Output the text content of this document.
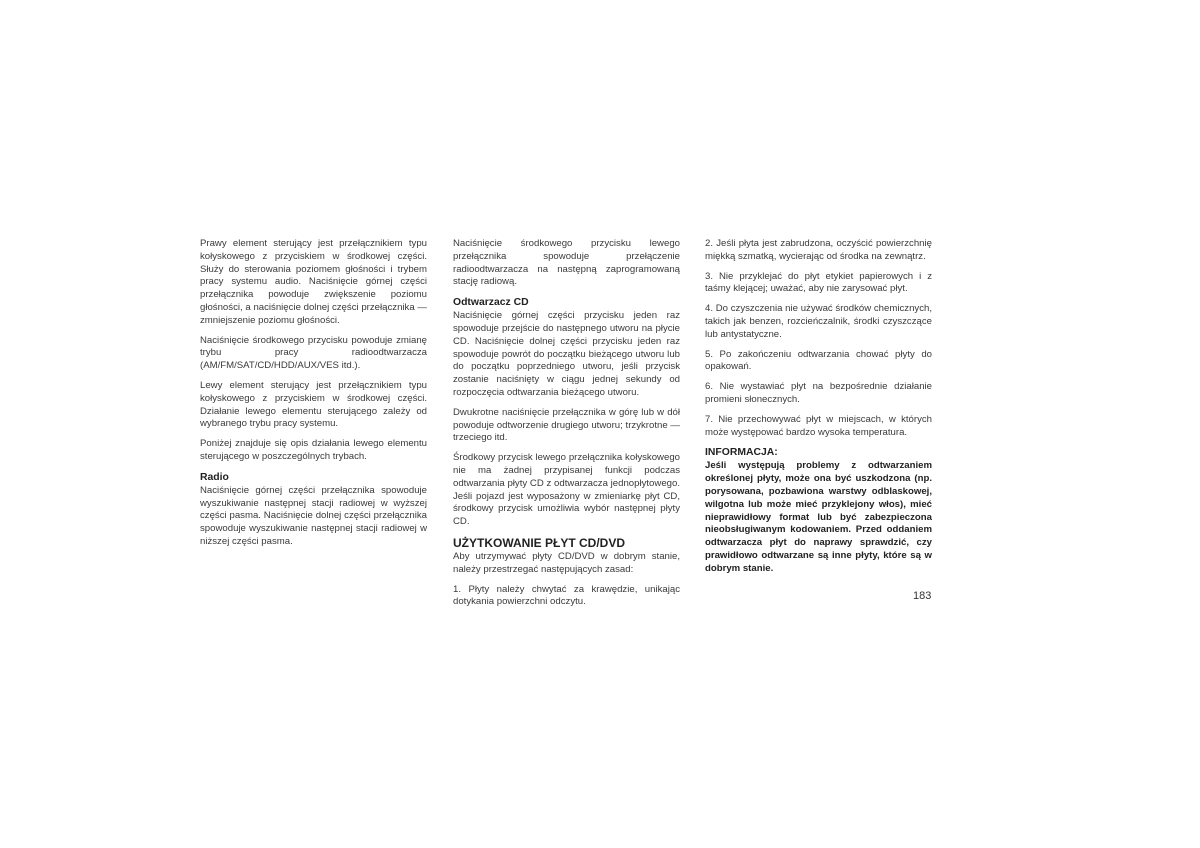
Prawy element sterujący jest przełącznikiem typu kołyskowego z przyciskiem w środkowej części. Służy do sterowania poziomem głośności i trybem pracy systemu audio. Naciśnięcie górnej części przełącznika powoduje zwiększenie poziomu głośności, a naciśnięcie dolnej części przełącznika — zmniejszenie poziomu głośności.

Naciśnięcie środkowego przycisku powoduje zmianę trybu pracy radioodtwarzacza (AM/FM/SAT/CD/HDD/AUX/VES itd.).

Lewy element sterujący jest przełącznikiem typu kołyskowego z przyciskiem w środkowej części. Działanie lewego elementu sterującego zależy od wybranego trybu pracy systemu.

Poniżej znajduje się opis działania lewego elementu sterującego w poszczególnych trybach.

Radio

Naciśnięcie górnej części przełącznika spowoduje wyszukiwanie następnej stacji radiowej w wyższej części pasma. Naciśnięcie dolnej części przełącznika spowoduje wyszukiwanie następnej stacji radiowej w niższej części pasma.

Naciśnięcie środkowego przycisku lewego przełącznika spowoduje przełączenie radioodtwarzacza na następną zaprogramowaną stację radiową.

Odtwarzacz CD

Naciśnięcie górnej części przycisku jeden raz spowoduje przejście do następnego utworu na płycie CD. Naciśnięcie dolnej części przycisku jeden raz spowoduje powrót do początku bieżącego utworu lub do początku poprzedniego utworu, jeśli przycisk zostanie naciśnięty w ciągu jednej sekundy od rozpoczęcia odtwarzania bieżącego utworu.

Dwukrotne naciśnięcie przełącznika w górę lub w dół powoduje odtworzenie drugiego utworu; trzykrotne — trzeciego itd.

Środkowy przycisk lewego przełącznika kołyskowego nie ma żadnej przypisanej funkcji podczas odtwarzania płyty CD z odtwarzacza jednopłytowego. Jeśli pojazd jest wyposażony w zmieniarkę płyt CD, środkowy przycisk umożliwia wybór następnej płyty CD.

UŻYTKOWANIE PŁYT CD/DVD

Aby utrzymywać płyty CD/DVD w dobrym stanie, należy przestrzegać następujących zasad:

1. Płyty należy chwytać za krawędzie, unikając dotykania powierzchni odczytu.

2. Jeśli płyta jest zabrudzona, oczyścić powierzchnię miękką szmatką, wycierając od środka na zewnątrz.

3. Nie przyklejać do płyt etykiet papierowych i z taśmy klejącej; uważać, aby nie zarysować płyt.

4. Do czyszczenia nie używać środków chemicznych, takich jak benzen, rozcieńczalnik, środki czyszczące lub antystatyczne.

5. Po zakończeniu odtwarzania chować płyty do opakowań.

6. Nie wystawiać płyt na bezpośrednie działanie promieni słonecznych.

7. Nie przechowywać płyt w miejscach, w których może występować bardzo wysoka temperatura.

INFORMACJA:

Jeśli występują problemy z odtwarzaniem określonej płyty, może ona być uszkodzona (np. porysowana, pozbawiona warstwy odblaskowej, wilgotna lub może mieć przyklejony włos), mieć nieprawidłowy format lub być zabezpieczona nieobsługiwanym kodowaniem. Przed oddaniem odtwarzacza płyt do naprawy sprawdzić, czy prawidłowo odtwarzane są inne płyty, które są w dobrym stanie.

183
